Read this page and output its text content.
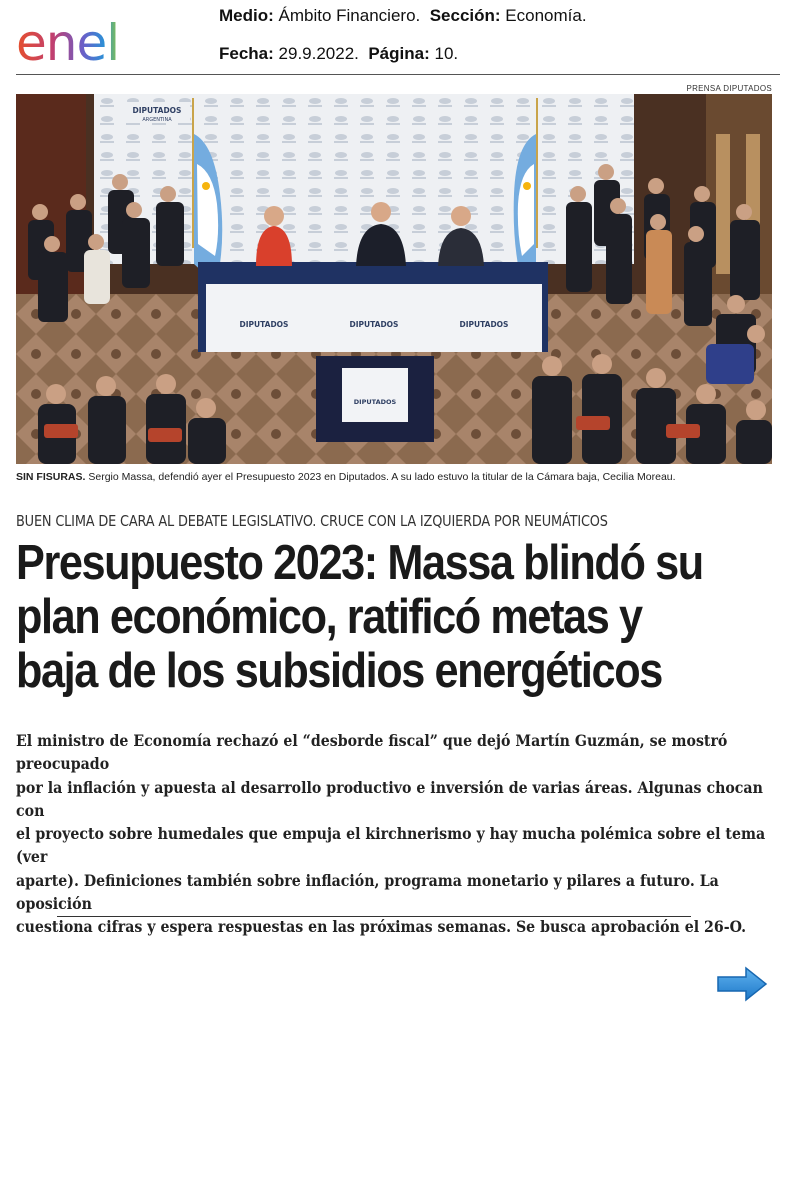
enel	Medio: Ámbito Financiero. Sección: Economía.
Fecha: 29.9.2022. Página: 10.
PRENSA DIPUTADOS
DIPUTADOS
ARGENTINA
DIPUTADOS	DIPUTADOS	DIPUTADOS
DIPUTADOS
SIN FISURAS. Sergio Massa, defendió ayer el Presupuesto 2023 en Diputados. A su lado estuvo la titular de la Cámara baja, Cecilia Moreau.
BUEN CLIMA DE CARA AL DEBATE LEGISLATIVO. CRUCE CON LA IZQUIERDA POR NEUMÁTICOS
Presupuesto 2023: Massa blindó su
plan económico, ratificó metas y
baja de los subsidios energéticos
El ministro de Economía rechazó el “desborde fiscal” que dejó Martín Guzmán, se mostró preocupado
por la inflación y apuesta al desarrollo productivo e inversión de varias áreas. Algunas chocan con
el proyecto sobre humedales que empuja el kirchnerismo y hay mucha polémica sobre el tema (ver
aparte). Definiciones también sobre inflación, programa monetario y pilares a futuro. La oposición
cuestiona cifras y espera respuestas en las próximas semanas. Se busca aprobación el 26-O.
